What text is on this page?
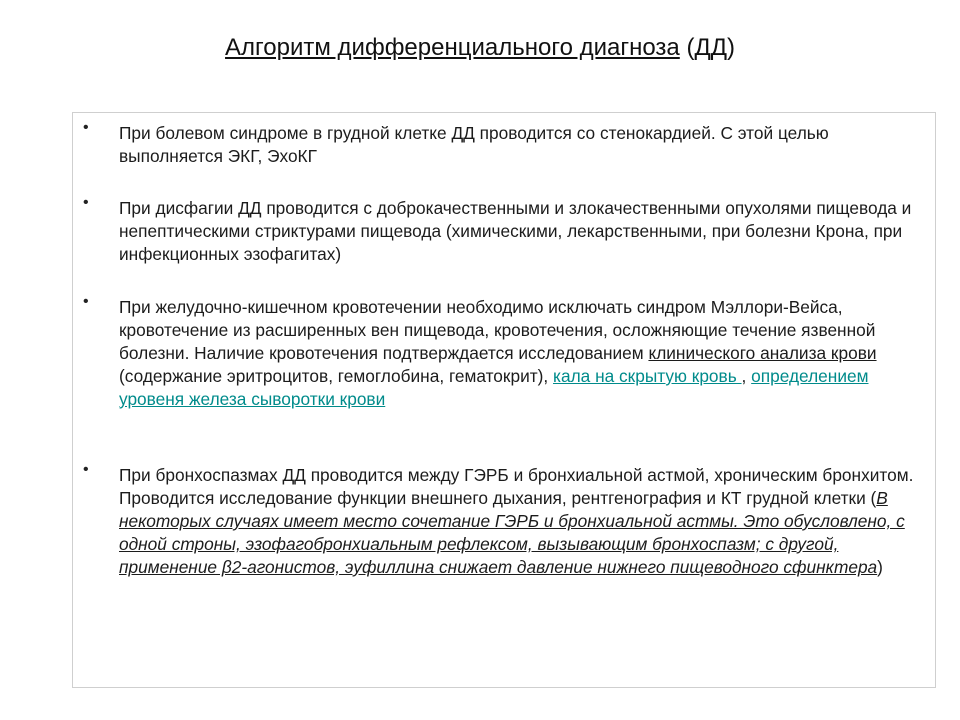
Алгоритм дифференциального диагноза (ДД)
• При болевом синдроме в грудной клетке ДД проводится со стенокардией. С этой целью выполняется ЭКГ, ЭхоКГ
• При дисфагии ДД проводится с доброкачественными и злокачественными опухолями пищевода и непептическими стриктурами пищевода (химическими, лекарственными, при болезни Крона, при инфекционных эзофагитах)
• При желудочно-кишечном кровотечении необходимо исключать синдром Мэллори-Вейса, кровотечение из расширенных вен пищевода, кровотечения, осложняющие течение язвенной болезни. Наличие кровотечения подтверждается исследованием клинического анализа крови (содержание эритроцитов, гемоглобина, гематокрит), кала на скрытую кровь , определением уровеня железа сыворотки крови
• При бронхоспазмах ДД проводится между ГЭРБ и бронхиальной астмой, хроническим бронхитом. Проводится исследование функции внешнего дыхания, рентгенография и КТ грудной клетки (В некоторых случаях имеет место сочетание ГЭРБ и бронхиальной астмы. Это обусловлено, с одной строны, эзофагобронхиальным рефлексом, вызывающим бронхоспазм; с другой, применение β2-агонистов, эуфиллина снижает давление нижнего пищеводного сфинктера)
